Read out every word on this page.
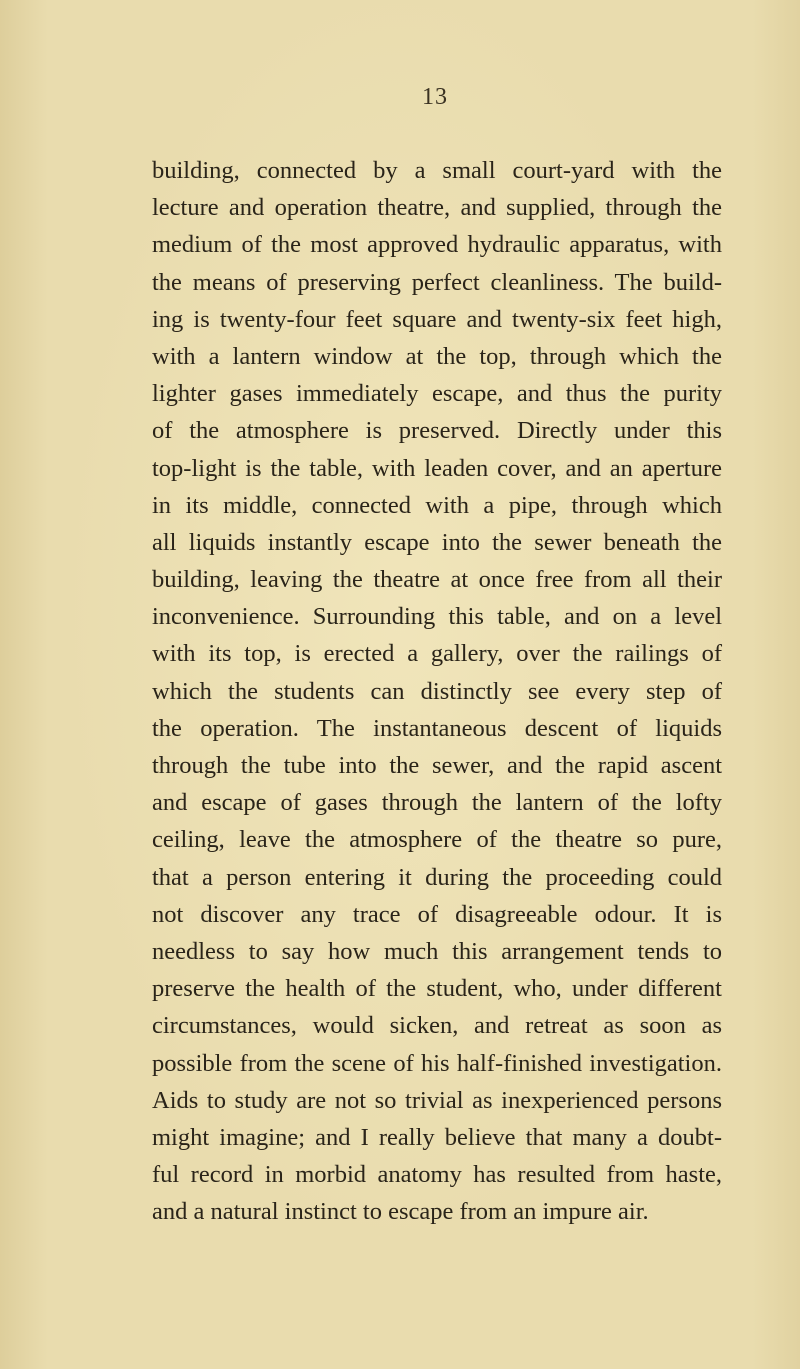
13
building, connected by a small court-yard with the
lecture and operation theatre, and supplied, through the
medium of the most approved hydraulic apparatus, with
the means of preserving perfect cleanliness. The build-
ing is twenty-four feet square and twenty-six feet high,
with a lantern window at the top, through which the
lighter gases immediately escape, and thus the purity
of the atmosphere is preserved. Directly under this
top-light is the table, with leaden cover, and an aperture
in its middle, connected with a pipe, through which
all liquids instantly escape into the sewer beneath the
building, leaving the theatre at once free from all their
inconvenience. Surrounding this table, and on a level
with its top, is erected a gallery, over the railings of
which the students can distinctly see every step of
the operation. The instantaneous descent of liquids
through the tube into the sewer, and the rapid ascent
and escape of gases through the lantern of the lofty
ceiling, leave the atmosphere of the theatre so pure,
that a person entering it during the proceeding could
not discover any trace of disagreeable odour. It is
needless to say how much this arrangement tends to
preserve the health of the student, who, under different
circumstances, would sicken, and retreat as soon as
possible from the scene of his half-finished investigation.
Aids to study are not so trivial as inexperienced persons
might imagine; and I really believe that many a doubt-
ful record in morbid anatomy has resulted from haste,
and a natural instinct to escape from an impure air.
